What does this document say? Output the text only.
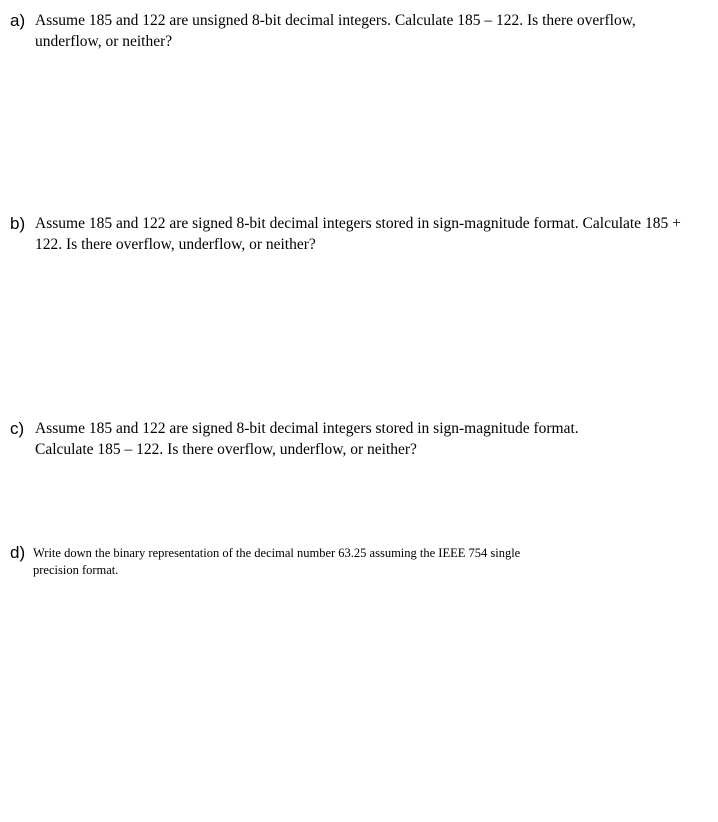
a) Assume 185 and 122 are unsigned 8-bit decimal integers. Calculate 185 – 122. Is there overflow, underflow, or neither?
b) Assume 185 and 122 are signed 8-bit decimal integers stored in sign-magnitude format. Calculate 185 + 122. Is there overflow, underflow, or neither?
c) Assume 185 and 122 are signed 8-bit decimal integers stored in sign-magnitude format. Calculate 185 – 122. Is there overflow, underflow, or neither?
d) Write down the binary representation of the decimal number 63.25 assuming the IEEE 754 single precision format.
